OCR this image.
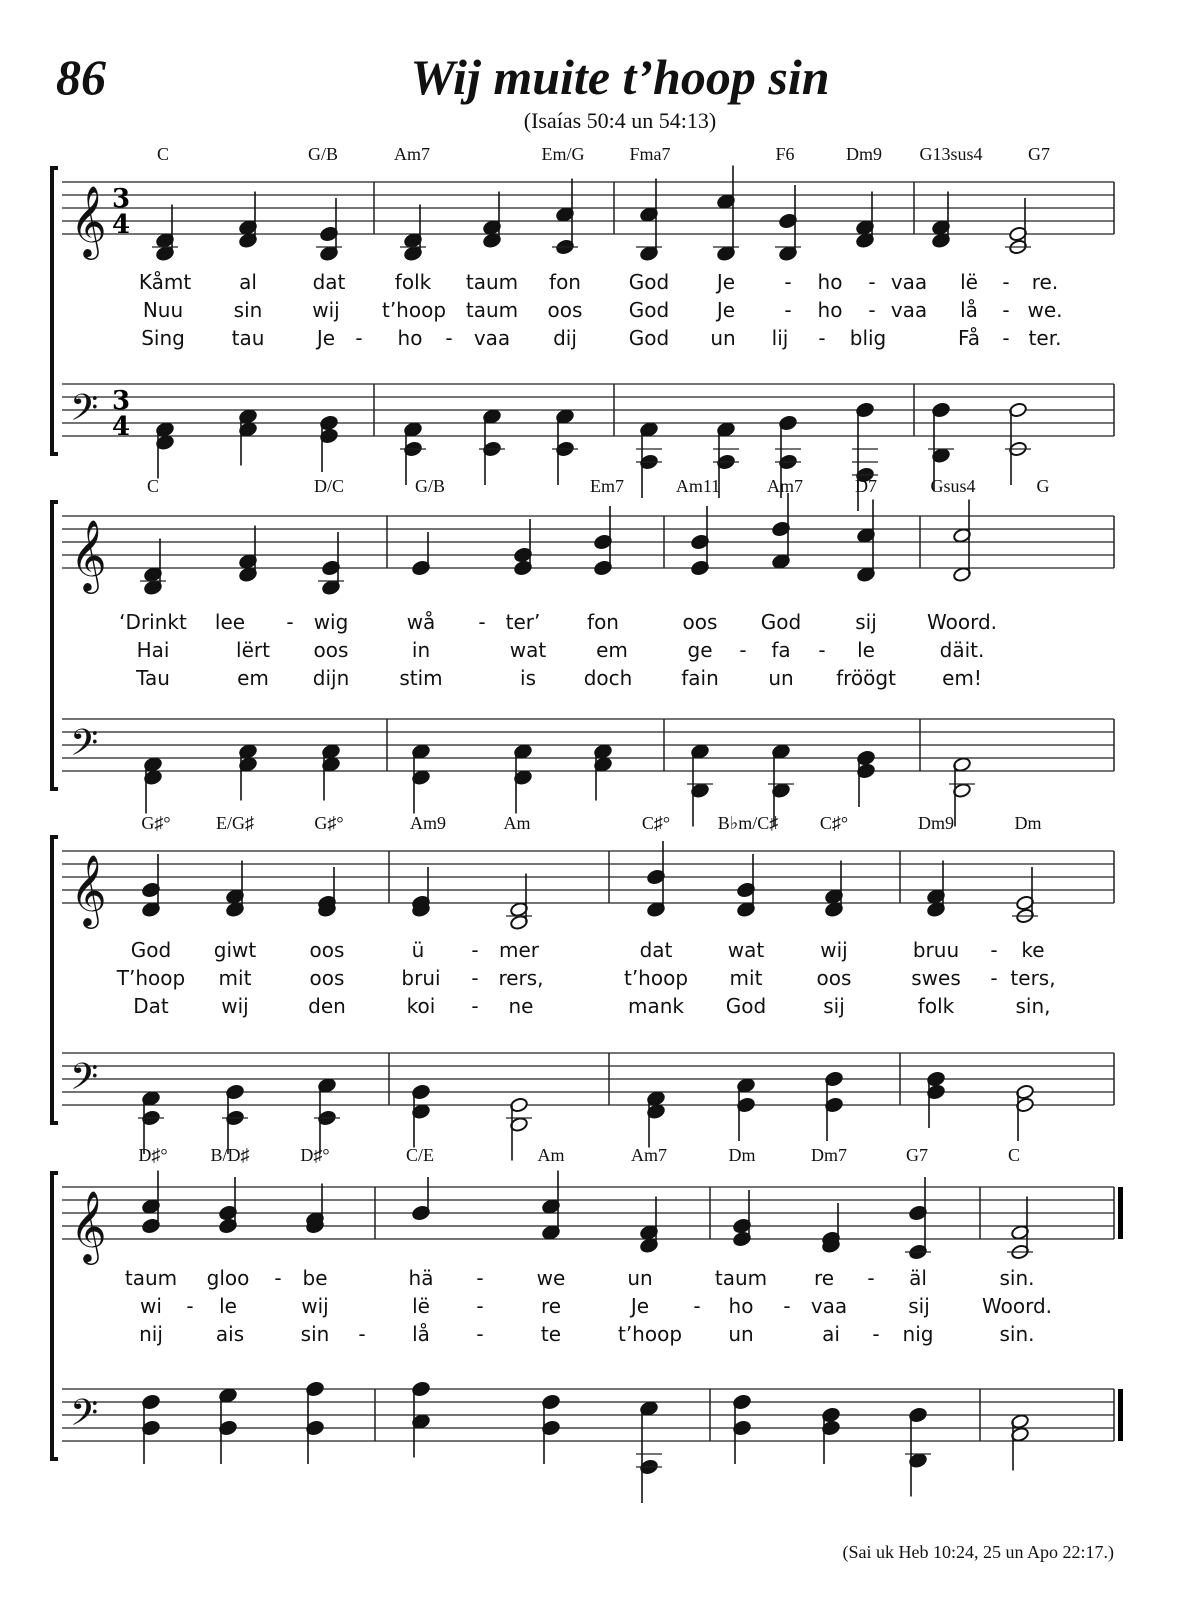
86	Wij muite t’hoop sin
(Isaías 50:4 un 54:13)
𝄞 3
4
𝄢 3
4
𝄞
𝄢
𝄞
𝄢
𝄞
𝄢
C	G/B	Am7	Em/G Fma7	F6	Dm9 G13sus4	G7
Kåmt al	dat folk taum fon God Je - ho - vaa lë - re.
Nuu	sin wij t’hoop taum oos God Je - ho - vaa lå - we.
Sing tau	Je - ho - vaa dij	God un lij - blig	Få - ter.
C	D/C	G/B	Em7	Am11	Am7	D7	Gsus4	G
‘Drinkt lee - wig	wå - ter’ fon	oos God	sij	Woord.
Hai	lërt oos	in	wat em	ge - fa - le	däit.
Tau	em dijn	stim	is doch fain un fröögt em!
G♯°	E/G♯	G♯°	Am9	Am	C♯°	B♭m/C♯ C♯°	Dm9	Dm
God giwt	oos	ü - mer	dat	wat	wij	bruu - ke
T’hoop mit	oos	brui - rers,	t’hoop mit	oos	swes - ters,
Dat	wij	den	koi - ne	mank God	sij	folk	sin,
D♯° B/D♯	D♯°	C/E	Am	Am7	Dm	Dm7	G7	C
taum gloo - be	hä -	we	un	taum re - äl	sin.
wi - le	wij	lë -	re	Je - ho - vaa	sij	Woord.
nij	ais	sin - lå -	te	t’hoop un	ai - nig	sin.
(Sai uk Heb 10:24, 25 un Apo 22:17.)
